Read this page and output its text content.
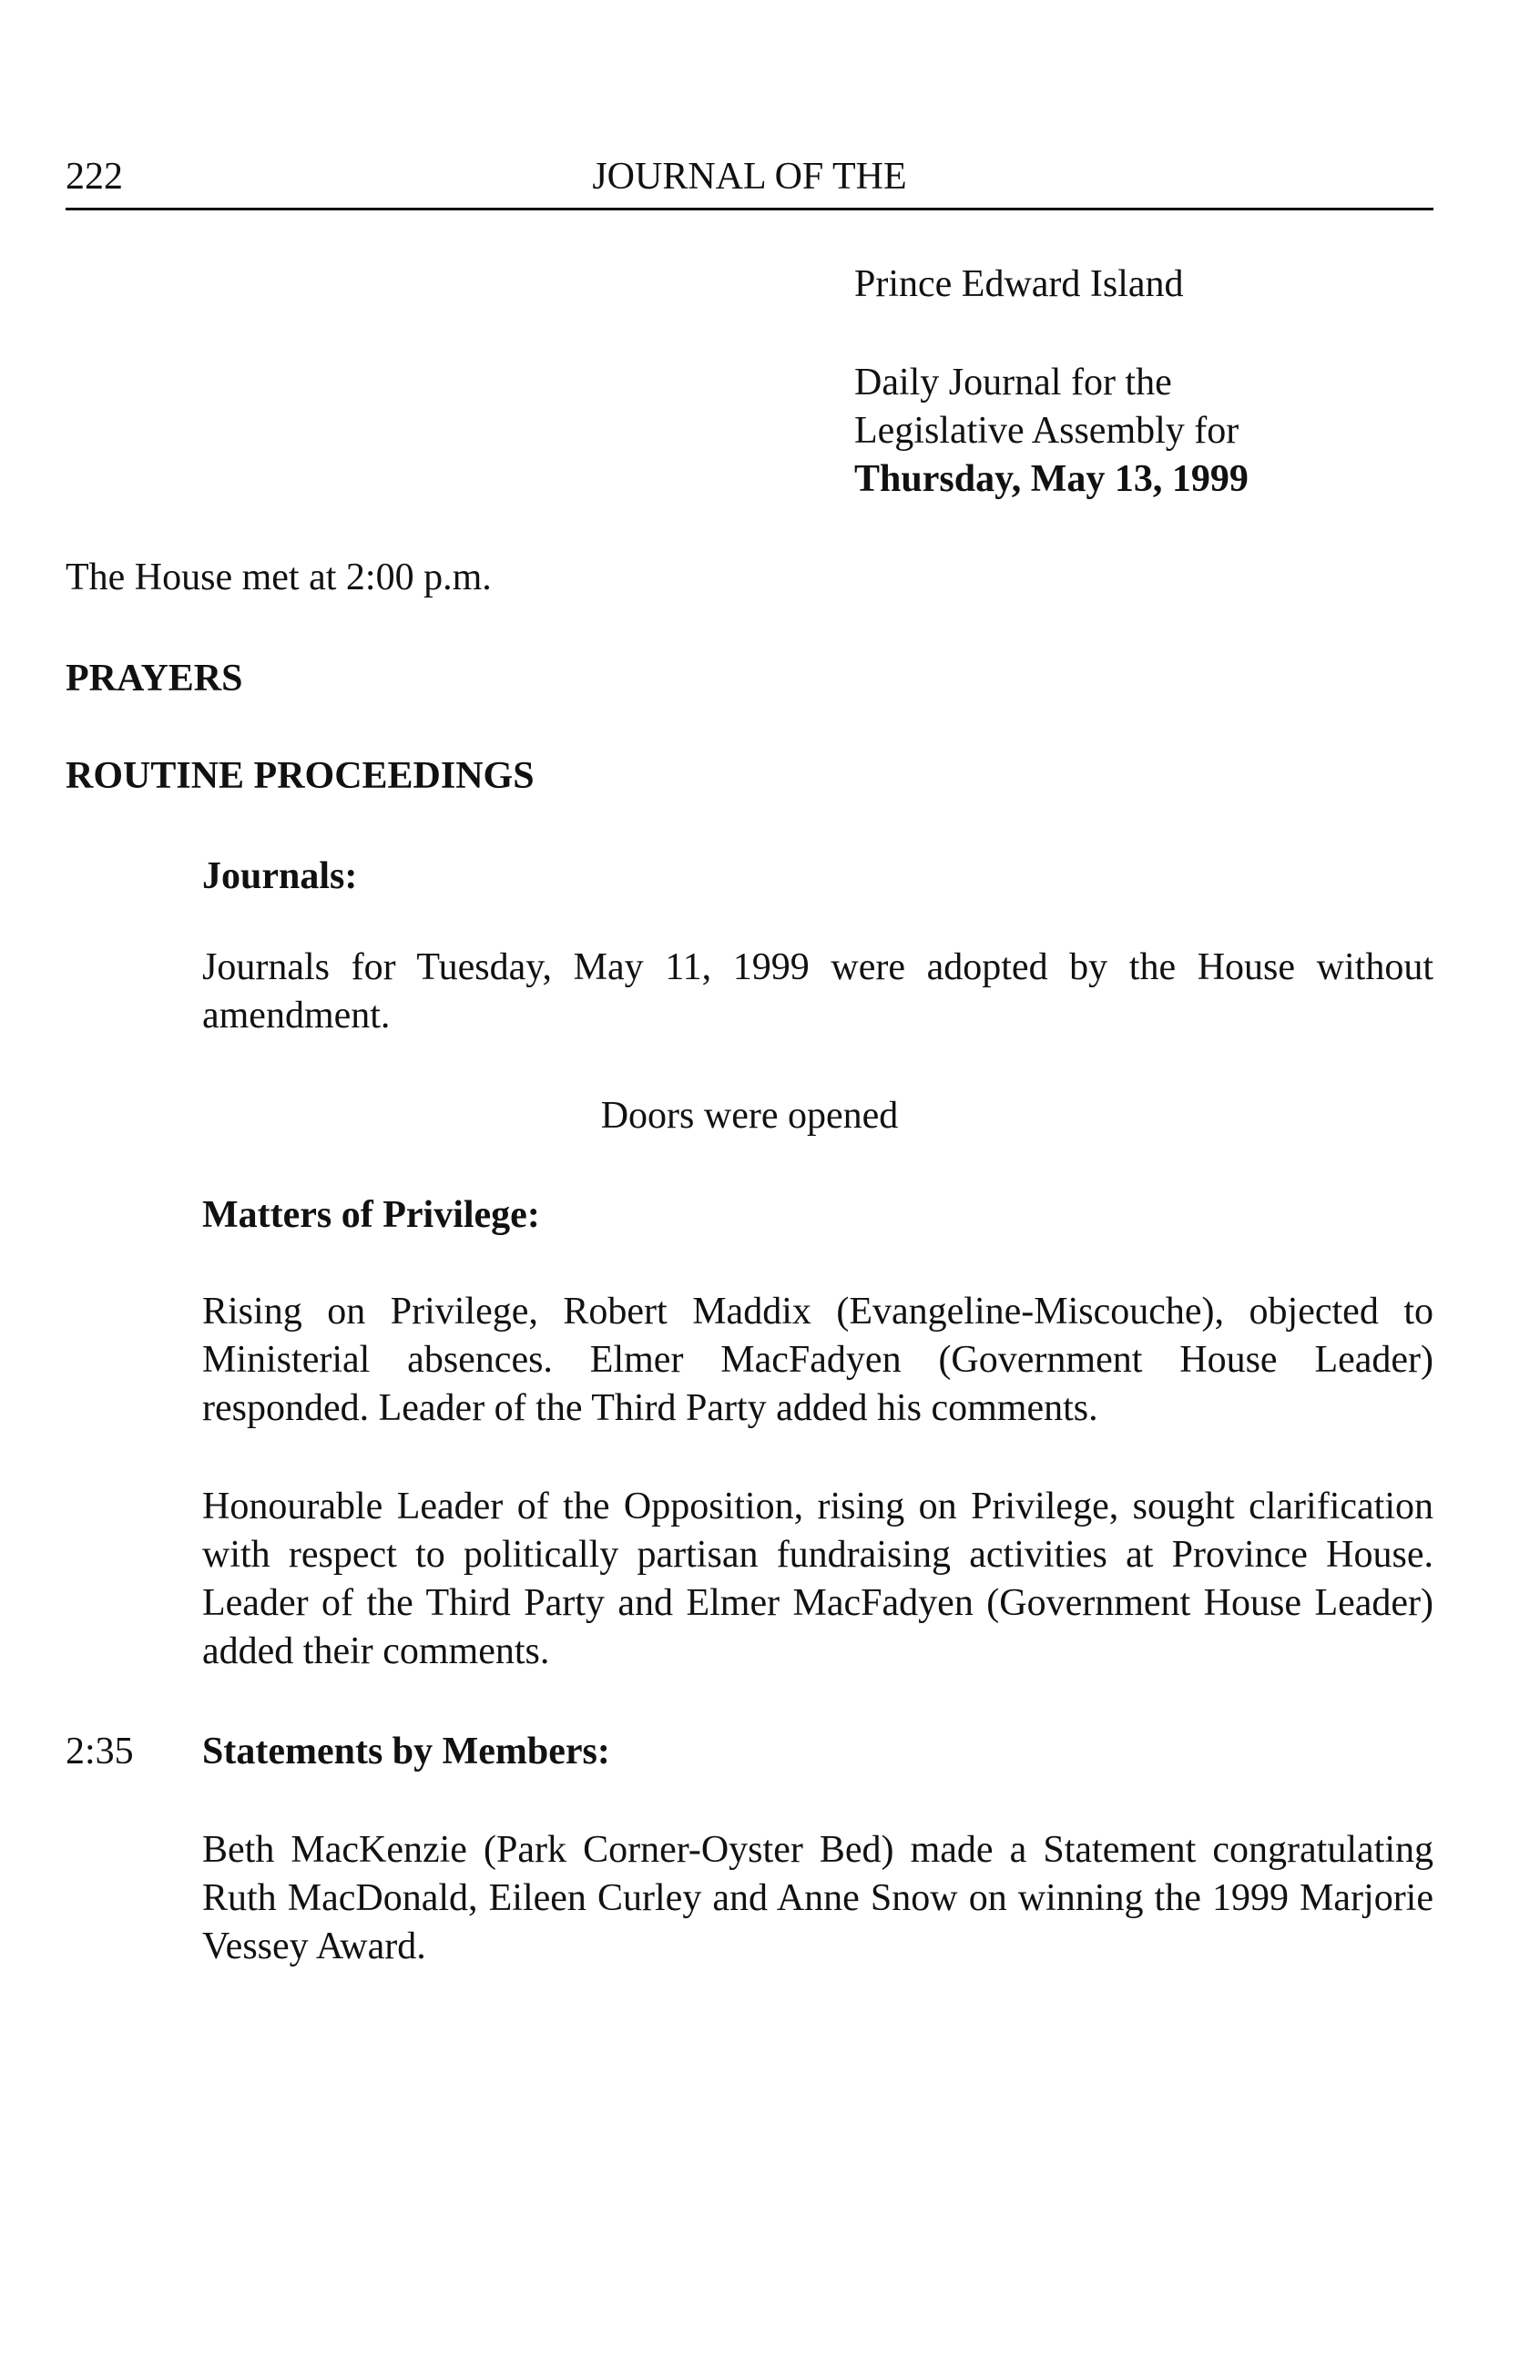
222	JOURNAL OF THE
Prince Edward Island
Daily Journal for the
Legislative Assembly for
Thursday, May 13, 1999
The House met at 2:00 p.m.
PRAYERS
ROUTINE PROCEEDINGS
Journals:
Journals for Tuesday, May 11, 1999 were adopted by the House without amendment.
Doors were opened
Matters of Privilege:
Rising on Privilege, Robert Maddix (Evangeline-Miscouche), objected to Ministerial absences. Elmer MacFadyen (Government House Leader) responded. Leader of the Third Party added his comments.
Honourable Leader of the Opposition, rising on Privilege, sought clarification with respect to politically partisan fundraising activities at Province House. Leader of the Third Party and Elmer MacFadyen (Government House Leader) added their comments.
2:35 Statements by Members:
Beth MacKenzie (Park Corner-Oyster Bed) made a Statement congratulating Ruth MacDonald, Eileen Curley and Anne Snow on winning the 1999 Marjorie Vessey Award.
